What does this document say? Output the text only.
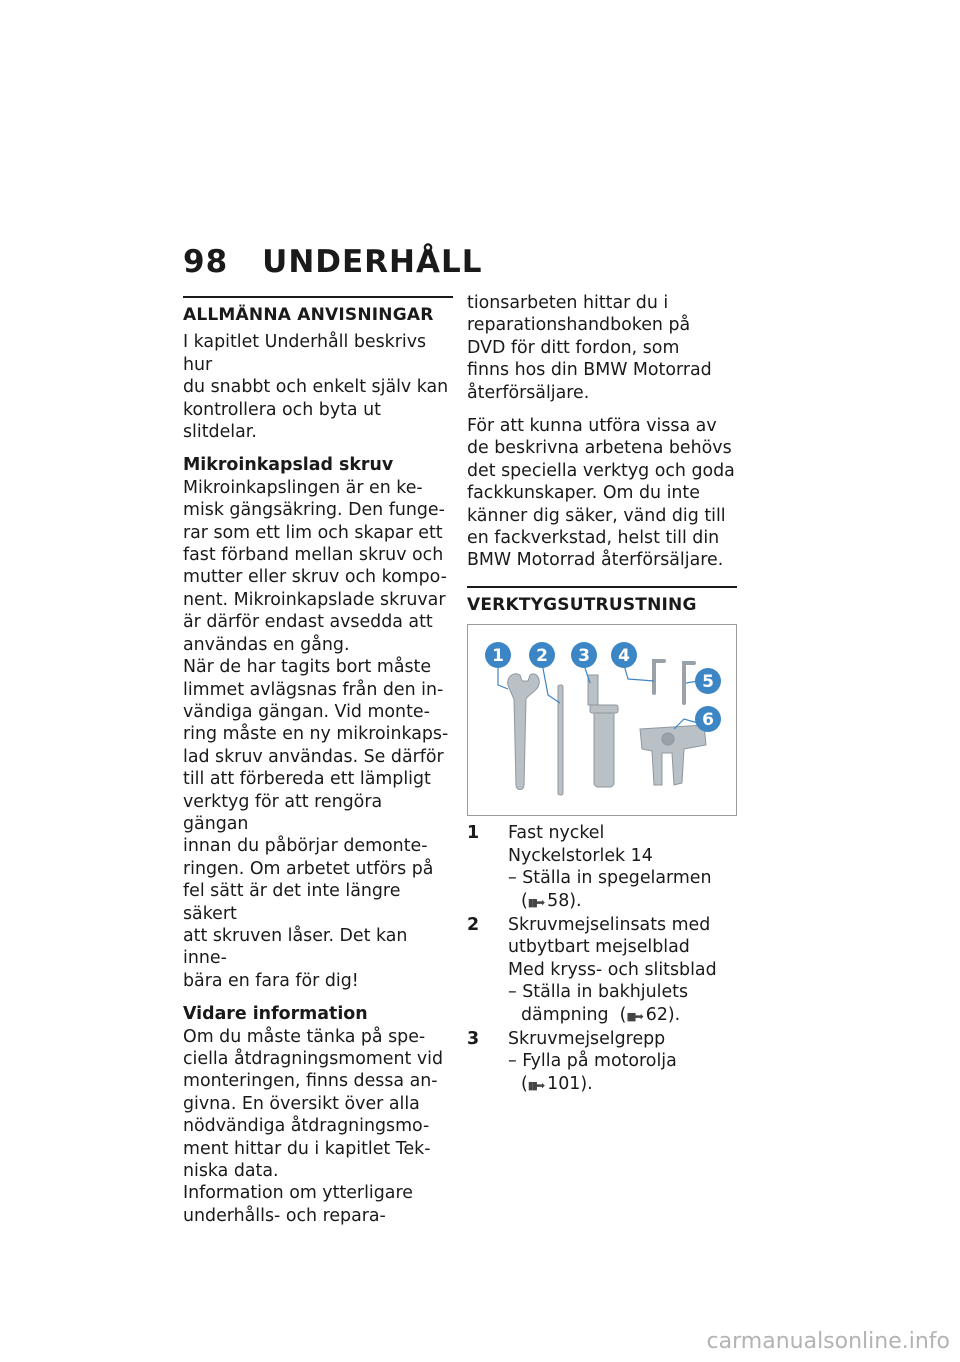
98 UNDERHÅLL
ALLMÄNNA ANVISNINGAR

I kapitlet Underhåll beskrivs hur

du snabbt och enkelt själv kan

kontrollera och byta ut slitdelar.

Mikroinkapslad skruv

Mikroinkapslingen är en ke-

misk gängsäkring. Den funge-

rar som ett lim och skapar ett

fast förband mellan skruv och

mutter eller skruv och kompo-

nent. Mikroinkapslade skruvar

är därför endast avsedda att

användas en gång.

När de har tagits bort måste

limmet avlägsnas från den in-

vändiga gängan. Vid monte-

ring måste en ny mikroinkaps-

lad skruv användas. Se därför

till att förbereda ett lämpligt

verktyg för att rengöra gängan

innan du påbörjar demonte-

ringen. Om arbetet utförs på

fel sätt är det inte längre säkert

att skruven låser. Det kan inne-

bära en fara för dig!

Vidare information

Om du måste tänka på spe-

ciella åtdragningsmoment vid

monteringen, finns dessa an-

givna. En översikt över alla

nödvändiga åtdragningsmo-

ment hittar du i kapitlet Tek-

niska data.

Information om ytterligare

underhålls- och repara-

tionsarbeten hittar du i

reparationshandboken på

DVD för ditt fordon, som

finns hos din BMW Motorrad

återförsäljare.

För att kunna utföra vissa av

de beskrivna arbetena behövs

det speciella verktyg och goda

fackkunskaper. Om du inte

känner dig säker, vänd dig till

en fackverkstad, helst till din

BMW Motorrad återförsäljare.

VERKTYGSUTRUSTNING
1 2 3 4
5
6
1	Fast nyckel

Nyckelstorlek 14

– Ställa in spegelarmen

(▮▮➡ 58).

2	Skruvmejselinsats med

utbytbart mejselblad

Med kryss- och slitsblad

– Ställa in bakhjulets

dämpning  (▮▮➡ 62).

3	Skruvmejselgrepp

– Fylla på motorolja

(▮▮➡ 101).

carmanualsonline.info
